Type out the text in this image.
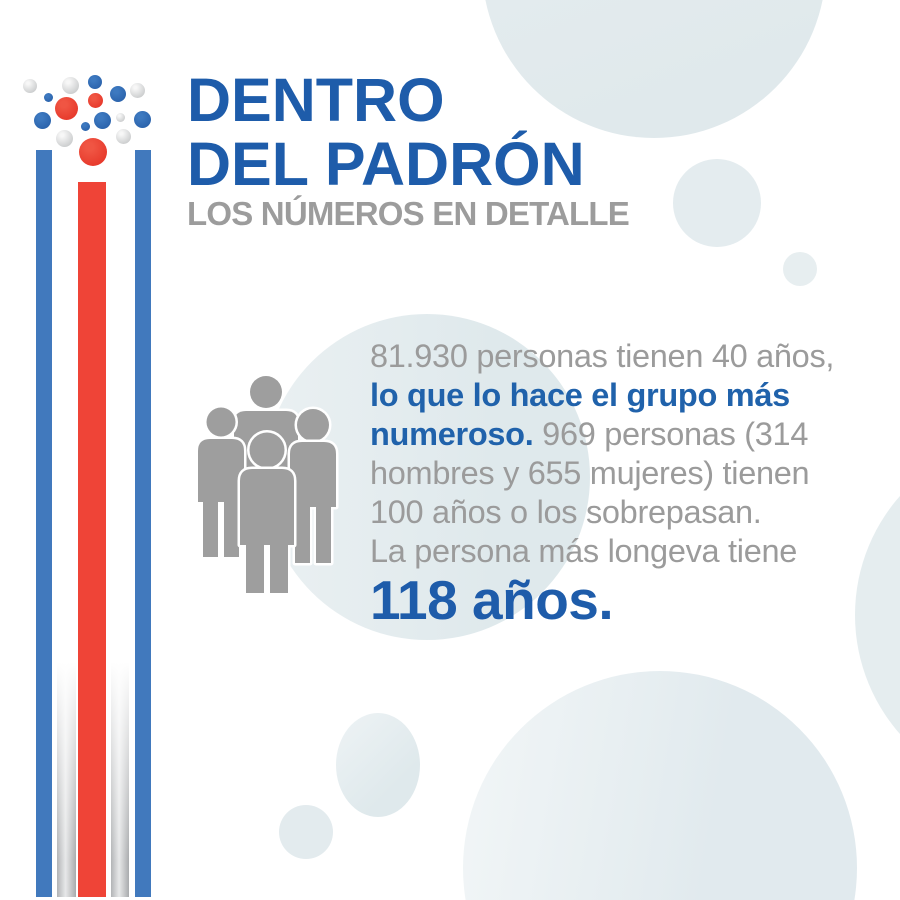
DENTRO
DEL PADRÓN
LOS NÚMEROS EN DETALLE
81.930 personas tienen 40 años,
lo que lo hace el grupo más
numeroso. 969 personas (314
hombres y 655 mujeres) tienen
100 años o los sobrepasan.
La persona más longeva tiene
118 años.
